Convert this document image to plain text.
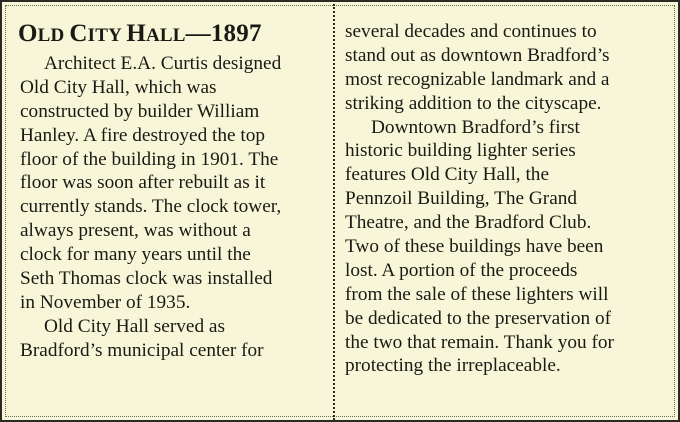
OLD CITY HALL—1897
Architect E.A. Curtis designed
Old City Hall, which was
constructed by builder William
Hanley. A fire destroyed the top
floor of the building in 1901. The
floor was soon after rebuilt as it
currently stands. The clock tower,
always present, was without a
clock for many years until the
Seth Thomas clock was installed
in November of 1935.
Old City Hall served as
Bradford’s municipal center for
several decades and continues to
stand out as downtown Bradford’s
most recognizable landmark and a
striking addition to the cityscape.
Downtown Bradford’s first
historic building lighter series
features Old City Hall, the
Pennzoil Building, The Grand
Theatre, and the Bradford Club.
Two of these buildings have been
lost. A portion of the proceeds
from the sale of these lighters will
be dedicated to the preservation of
the two that remain. Thank you for
protecting the irreplaceable.
